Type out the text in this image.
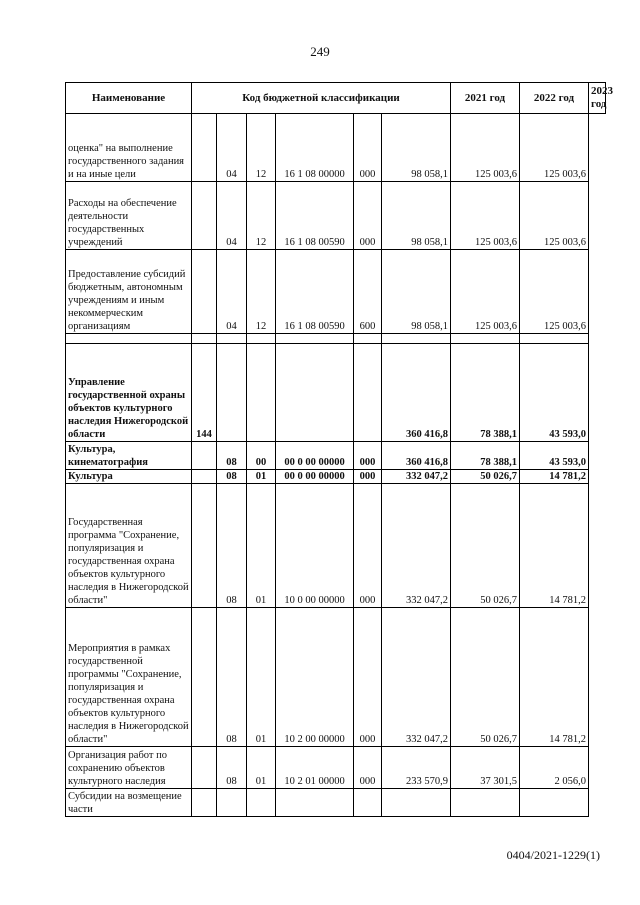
249
Наименование	Код бюджетной классификации						2021 год	2022 год	2023 год
оценка" на выполнение государственного задания и на иные цели		04	12	16 1 08 00000	000	98 058,1	125 003,6	125 003,6	
Расходы на обеспечение деятельности государственных учреждений		04	12	16 1 08 00590	000	98 058,1	125 003,6	125 003,6	
Предоставление субсидий бюджетным, автономным учреждениям и иным некоммерческим организациям		04	12	16 1 08 00590	600	98 058,1	125 003,6	125 003,6	

Управление государственной охраны объектов культурного наследия Нижегородской области	144					360 416,8	78 388,1	43 593,0	
Культура, кинематография		08	00	00 0 00 00000	000	360 416,8	78 388,1	43 593,0	
Культура		08	01	00 0 00 00000	000	332 047,2	50 026,7	14 781,2	
Государственная программа "Сохранение, популяризация и государственная охрана объектов культурного наследия в Нижегородской области"		08	01	10 0 00 00000	000	332 047,2	50 026,7	14 781,2	
Мероприятия в рамках государственной программы "Сохранение, популяризация и государственная охрана объектов культурного наследия в Нижегородской области"		08	01	10 2 00 00000	000	332 047,2	50 026,7	14 781,2	
Организация работ по сохранению объектов культурного наследия		08	01	10 2 01 00000	000	233 570,9	37 301,5	2 056,0	
Субсидии на возмещение части									
0404/2021-1229(1)
